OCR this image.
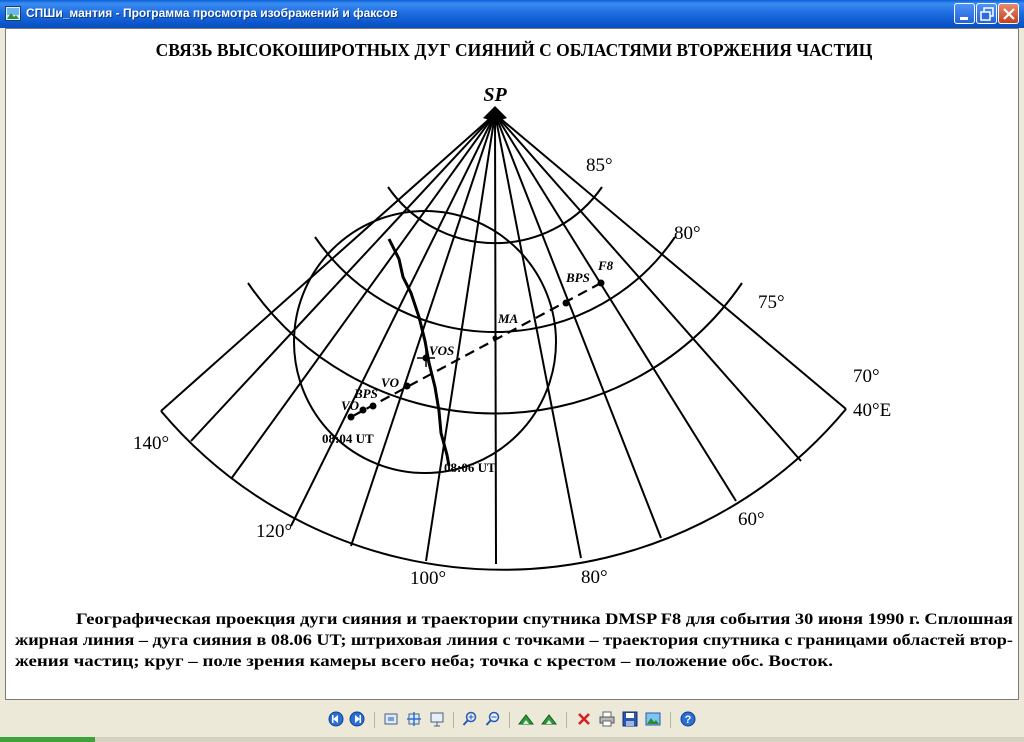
СПШи_мантия - Программа просмотра изображений и факсов
СВЯЗЬ ВЫСОКОШИРОТНЫХ ДУГ СИЯНИЙ С ОБЛАСТЯМИ ВТОРЖЕНИЯ ЧАСТИЦ
SP
F8
BPS
MA
VOS
VO
BPS
VO
08:04 UT
08:06 UT
85°
80°
75°
70°
140°
120°
100°	80°
60°
40°E
Географическая проекция дуги сияния и траектории спутника DMSP F8 для события 30 июня 1990 г. Сплошная
жирная линия – дуга сияния в 08.06 UT; штриховая линия с точками – траектория спутника с границами областей втор-
жения частиц; круг – поле зрения камеры всего неба; точка с крестом – положение обс. Восток.
?
